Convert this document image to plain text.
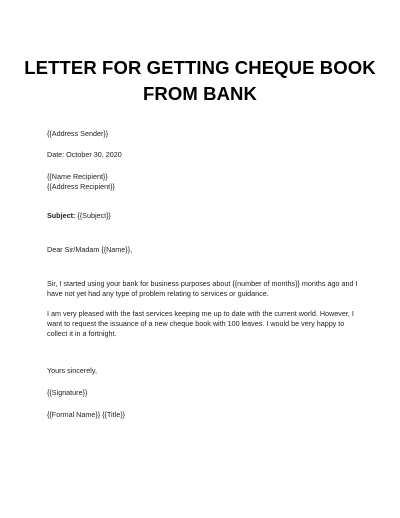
LETTER FOR GETTING CHEQUE BOOK FROM BANK
{{Address Sender}}
Date: October 30, 2020
{{Name Recipient}}
{{Address Recipient}}
Subject: {{Subject}}
Dear Sir/Madam {{Name}},
Sir, I started using your bank for business purposes about {{number of months}} months ago and I have not yet had any type of problem relating to services or guidance.
I am very pleased with the fast services keeping me up to date with the current world. However, I want to request the issuance of a new cheque book with 100 leaves. I would be very happy to collect it in a fortnight.
Yours sincerely,
{{Signature}}
{{Formal Name}} {{Title}}
